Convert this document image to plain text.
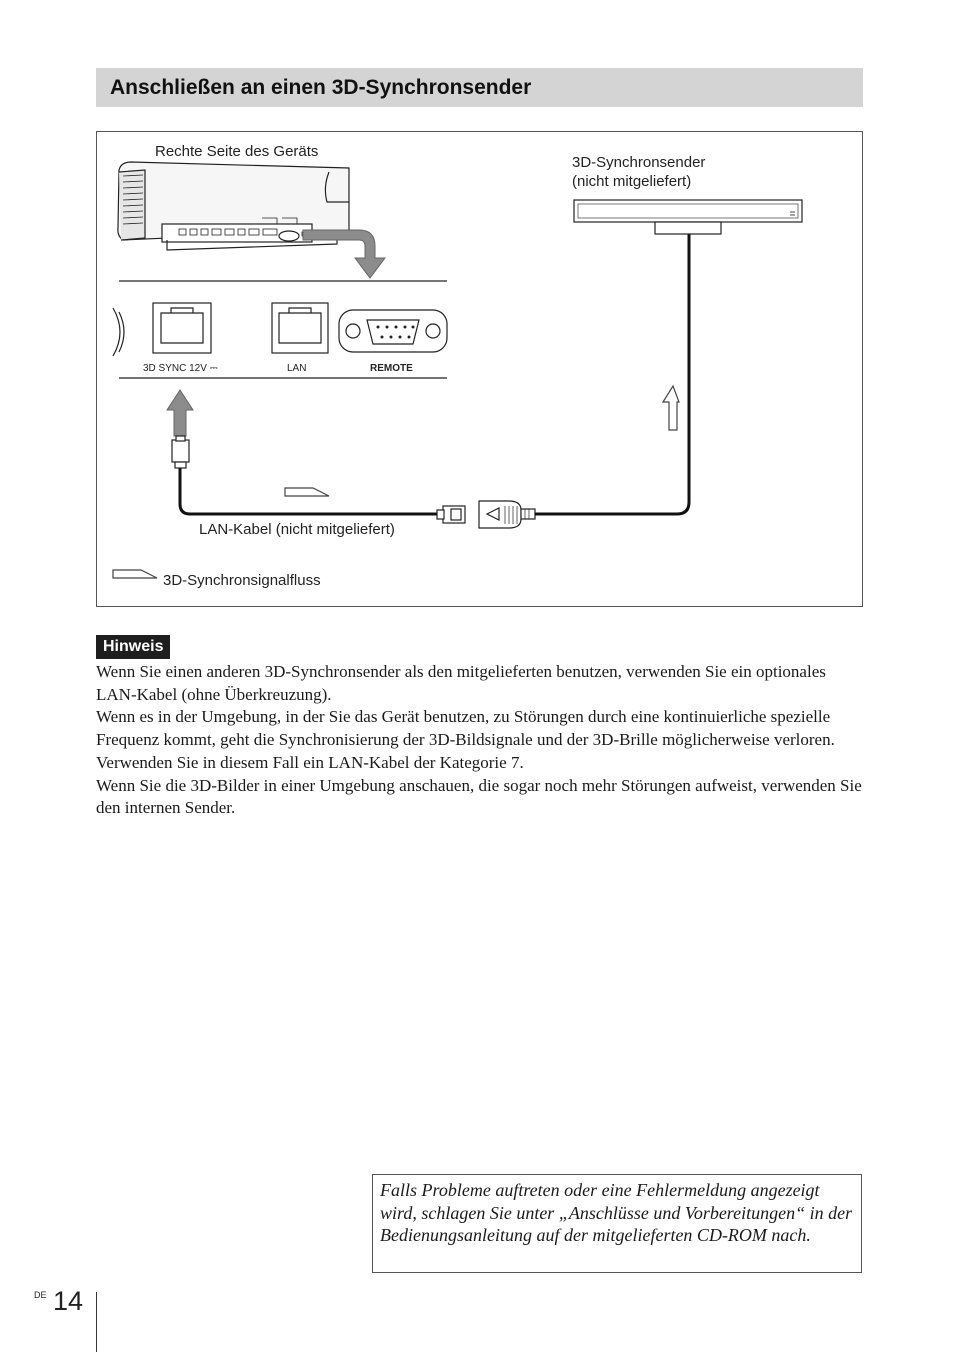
Anschließen an einen 3D-Synchronsender
Rechte Seite des Geräts
3D-Synchronsender
(nicht mitgeliefert)
3D SYNC 12V ⎓	LAN	REMOTE
LAN-Kabel (nicht mitgeliefert)
3D-Synchronsignalfluss
Hinweis

Wenn Sie einen anderen 3D-Synchronsender als den mitgelieferten benutzen, verwenden Sie ein optionales LAN-Kabel (ohne Überkreuzung).

Wenn es in der Umgebung, in der Sie das Gerät benutzen, zu Störungen durch eine kontinuierliche spezielle Frequenz kommt, geht die Synchronisierung der 3D-Bildsignale und der 3D-Brille möglicherweise verloren. Verwenden Sie in diesem Fall ein LAN-Kabel der Kategorie 7.

Wenn Sie die 3D-Bilder in einer Umgebung anschauen, die sogar noch mehr Störungen aufweist, verwenden Sie den internen Sender.

Falls Probleme auftreten oder eine Fehlermeldung angezeigt wird, schlagen Sie unter „Anschlüsse und Vorbereitungen“ in der Bedienungsanleitung auf der mitgelieferten CD-ROM nach.
DE 14
